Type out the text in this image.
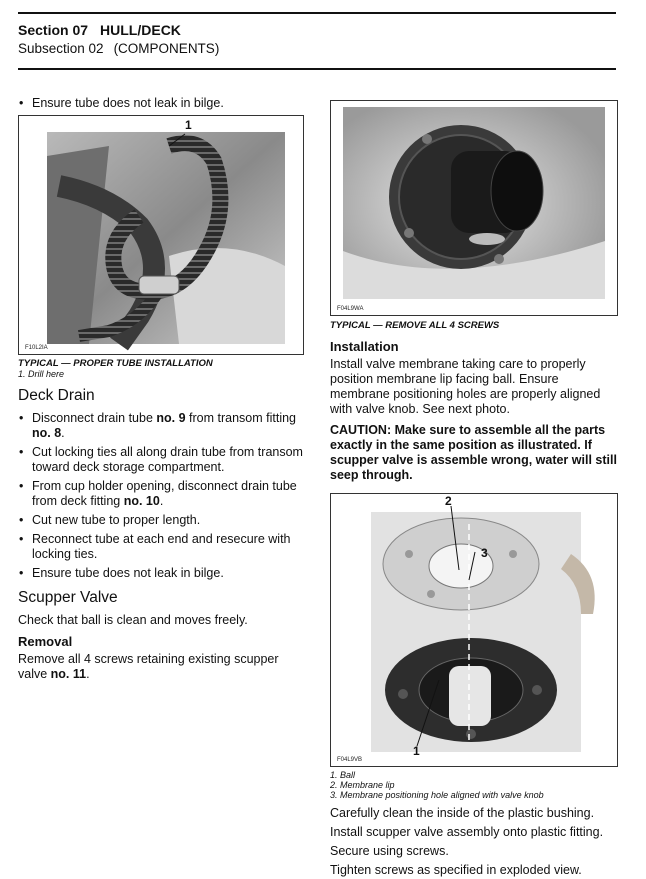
Section 07 HULL/DECK
Subsection 02 (COMPONENTS)
• Ensure tube does not leak in bilge.
1
F10L2IA
TYPICAL — PROPER TUBE INSTALLATION
1. Drill here
Deck Drain
• Disconnect drain tube no. 9 from transom fitting no. 8.
• Cut locking ties all along drain tube from transom toward deck storage compartment.
• From cup holder opening, disconnect drain tube from deck fitting no. 10.
• Cut new tube to proper length.
• Reconnect tube at each end and resecure with locking ties.
• Ensure tube does not leak in bilge.
Scupper Valve
Check that ball is clean and moves freely.
Removal
Remove all 4 screws retaining existing scupper valve no. 11.
F04L9WA
TYPICAL — REMOVE ALL 4 SCREWS
Installation
Install valve membrane taking care to properly position membrane lip facing ball. Ensure membrane positioning holes are properly aligned with valve knob. See next photo.
CAUTION: Make sure to assemble all the parts exactly in the same position as illustrated. If scupper valve is assemble wrong, water will still seep through.
2
3
1
F04L9VB
1. Ball
2. Membrane lip
3. Membrane positioning hole aligned with valve knob
Carefully clean the inside of the plastic bushing.
Install scupper valve assembly onto plastic fitting.
Secure using screws.
Tighten screws as specified in exploded view.
